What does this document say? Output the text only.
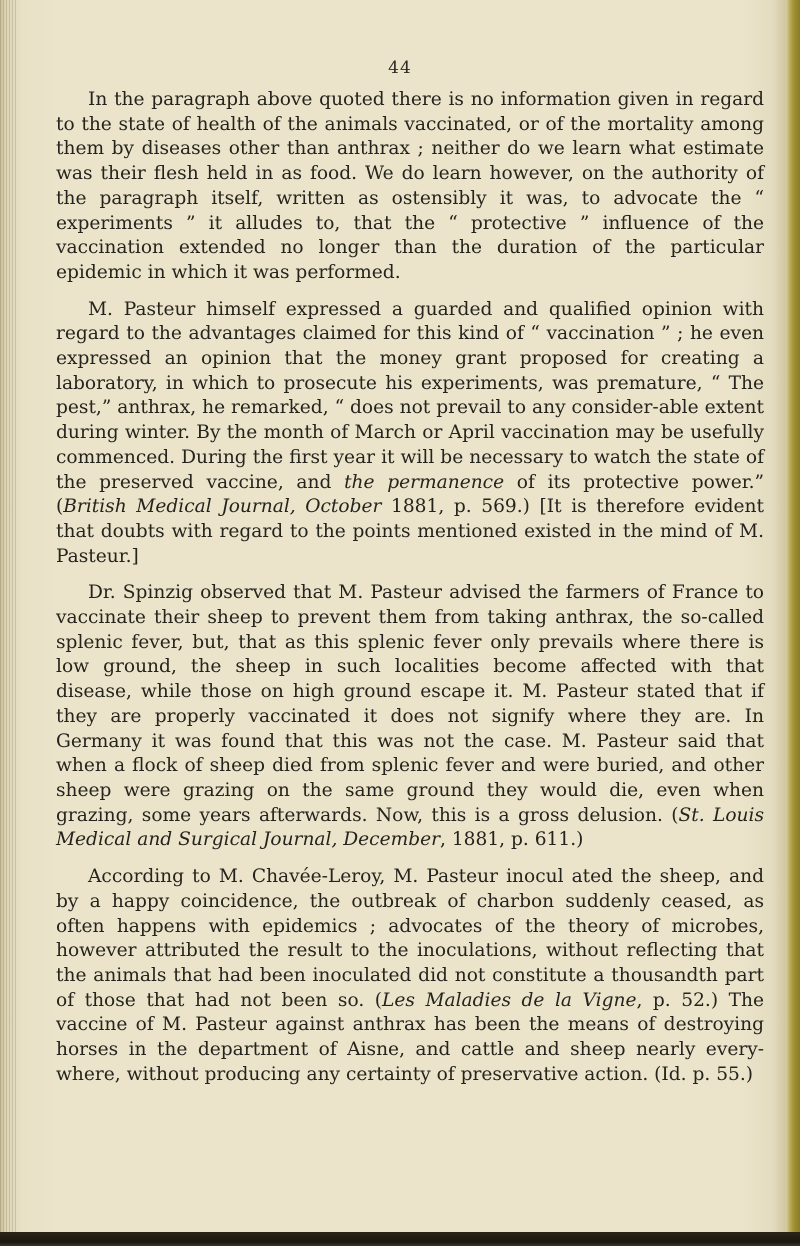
44

In the paragraph above quoted there is no information given in regard to the state of health of the animals vaccinated, or of the mortality among them by diseases other than anthrax ; neither do we learn what estimate was their flesh held in as food. We do learn however, on the authority of the paragraph itself, written as ostensibly it was, to advocate the “ experiments ” it alludes to, that the “ protective ” influence of the vaccination extended no longer than the duration of the particular epidemic in which it was performed.

M. Pasteur himself expressed a guarded and qualified opinion with regard to the advantages claimed for this kind of “ vaccination ” ; he even expressed an opinion that the money grant proposed for creating a laboratory, in which to prosecute his experiments, was premature, “ The pest,” anthrax, he remarked, “ does not prevail to any consider-able extent during winter. By the month of March or April vaccination may be usefully commenced. During the first year it will be necessary to watch the state of the preserved vaccine, and the permanence of its protective power.” (British Medical Journal, October 1881, p. 569.) [It is therefore evident that doubts with regard to the points mentioned existed in the mind of M. Pasteur.]

Dr. Spinzig observed that M. Pasteur advised the farmers of France to vaccinate their sheep to prevent them from taking anthrax, the so-called splenic fever, but, that as this splenic fever only prevails where there is low ground, the sheep in such localities become affected with that disease, while those on high ground escape it. M. Pasteur stated that if they are properly vaccinated it does not signify where they are. In Germany it was found that this was not the case. M. Pasteur said that when a flock of sheep died from splenic fever and were buried, and other sheep were grazing on the same ground they would die, even when grazing, some years afterwards. Now, this is a gross delusion. (St. Louis Medical and Surgical Journal, December, 1881, p. 611.)

According to M. Chavée-Leroy, M. Pasteur inocul ated the sheep, and by a happy coincidence, the outbreak of charbon suddenly ceased, as often happens with epidemics ; advocates of the theory of microbes, however attributed the result to the inoculations, without reflecting that the animals that had been inoculated did not constitute a thousandth part of those that had not been so. (Les Maladies de la Vigne, p. 52.) The vaccine of M. Pasteur against anthrax has been the means of destroying horses in the department of Aisne, and cattle and sheep nearly every-where, without producing any certainty of preservative action. (Id. p. 55.)
